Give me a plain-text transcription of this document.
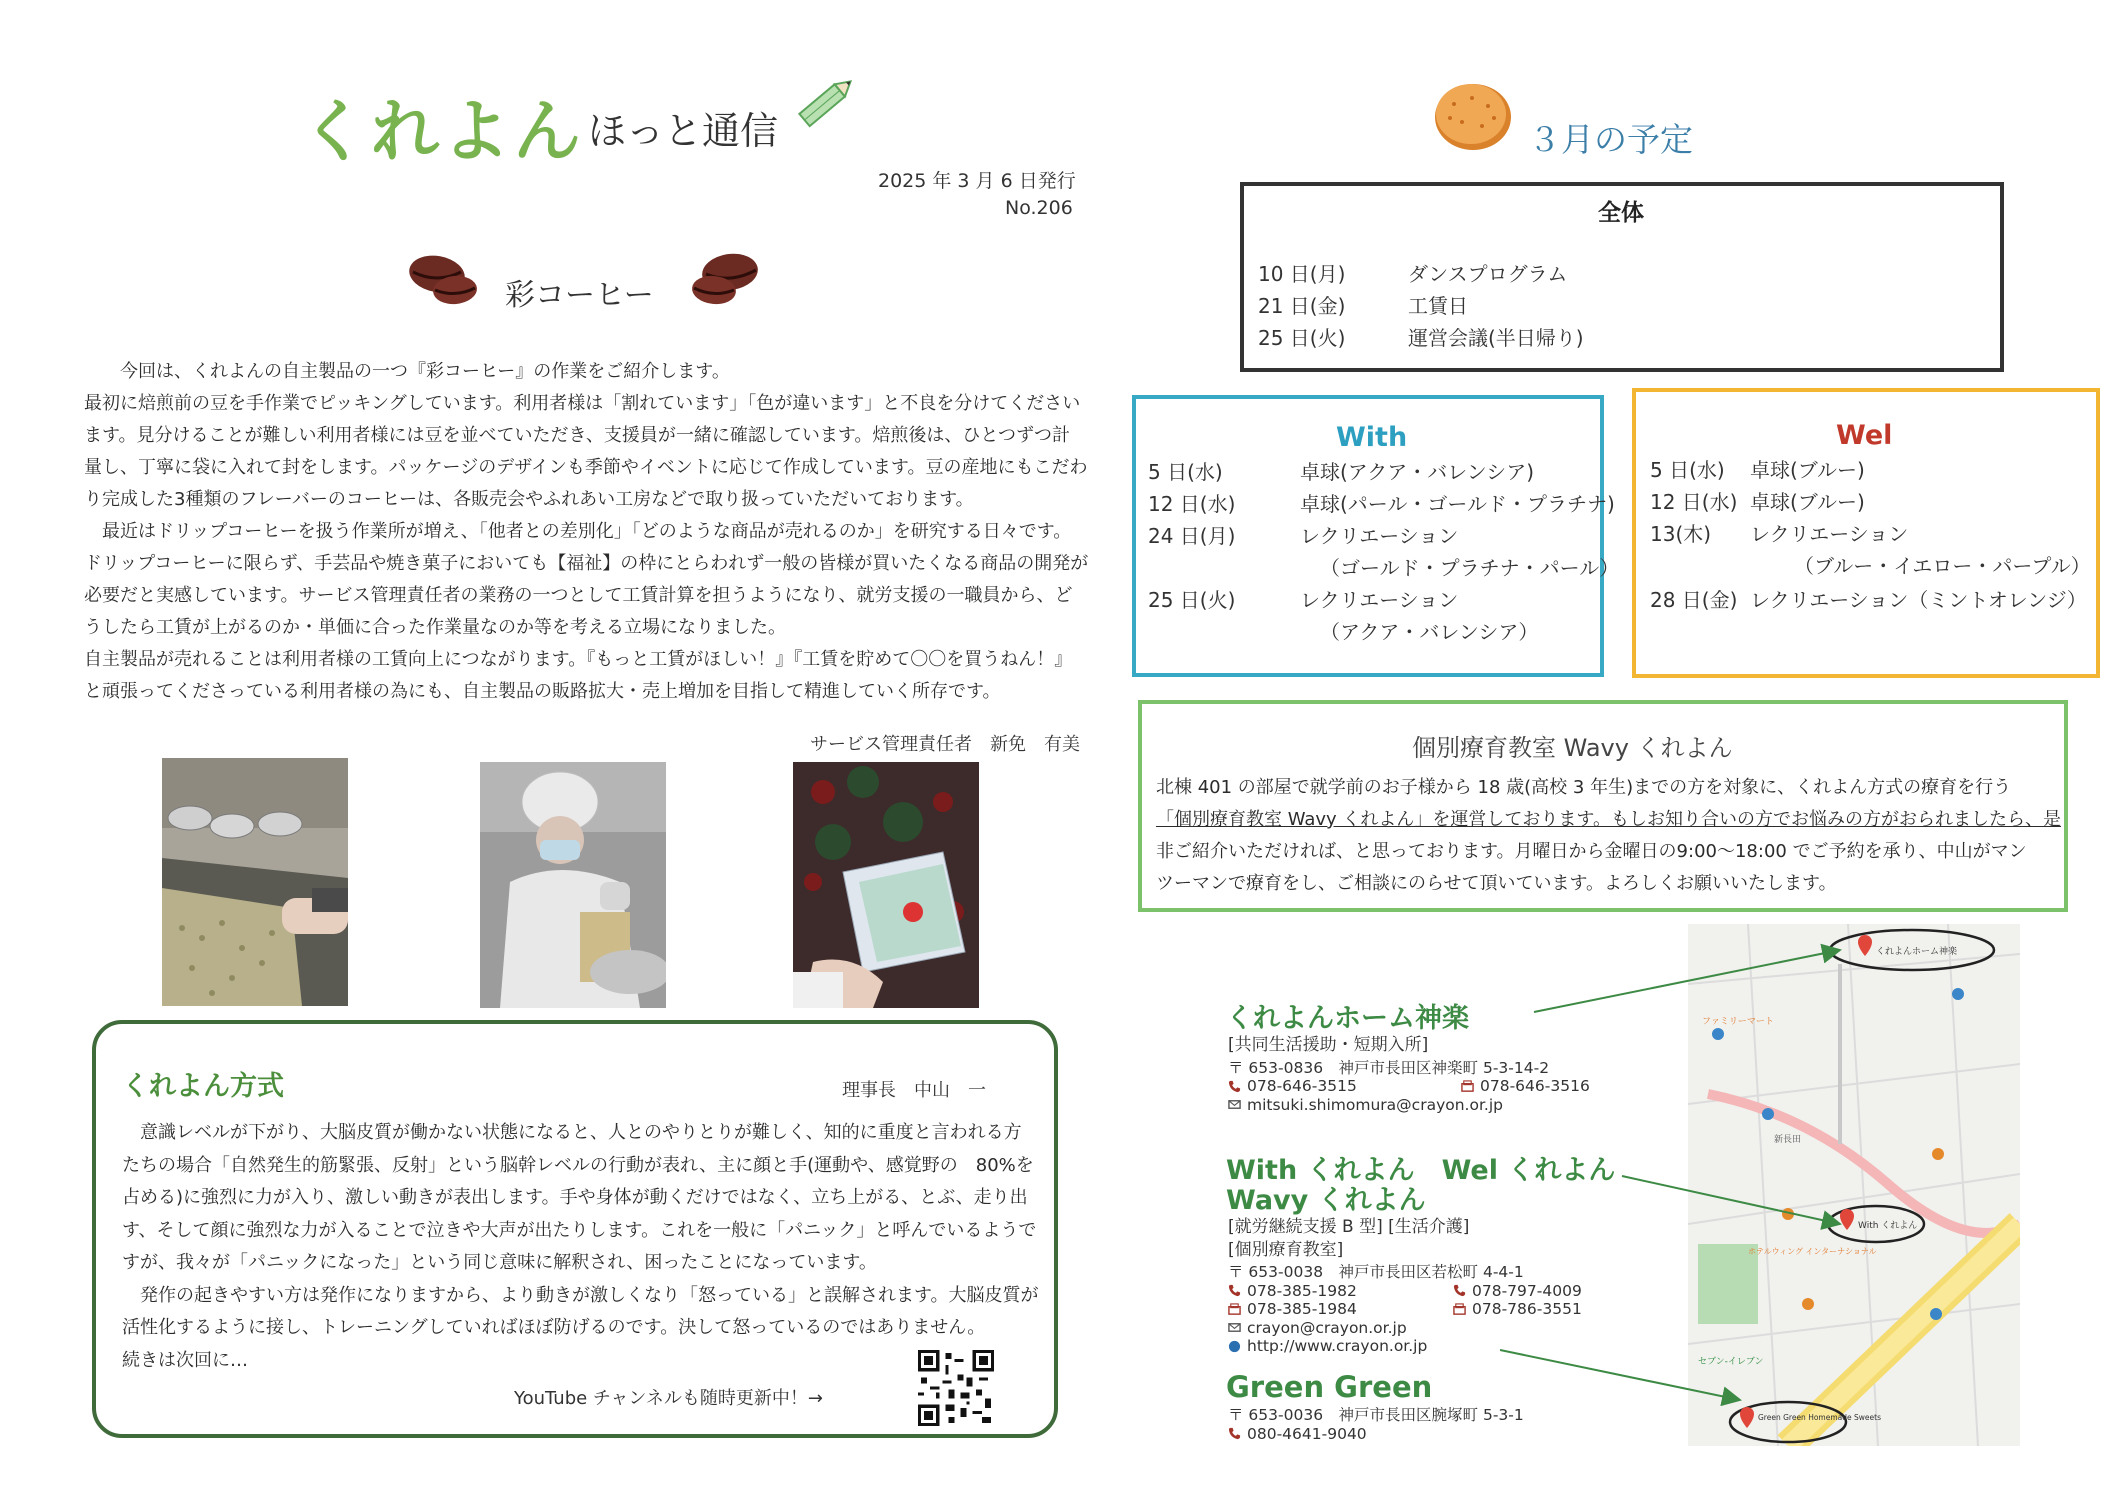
くれよん ほっと通信
2025 年 3 月 6 日発行
No.206
彩コーヒー

　　今回は、くれよんの自主製品の一つ『彩コーヒー』の作業をご紹介します。

最初に焙煎前の豆を手作業でピッキングしています。利用者様は「割れています」「色が違います」と不良を分けてください

ます。見分けることが難しい利用者様には豆を並べていただき、支援員が一緒に確認しています。焙煎後は、ひとつずつ計

量し、丁寧に袋に入れて封をします。パッケージのデザインも季節やイベントに応じて作成しています。豆の産地にもこだわ

り完成した3種類のフレーバーのコーヒーは、各販売会やふれあい工房などで取り扱っていただいております。

　最近はドリップコーヒーを扱う作業所が増え、「他者との差別化」「どのような商品が売れるのか」を研究する日々です。

ドリップコーヒーに限らず、手芸品や焼き菓子においても【福祉】の枠にとらわれず一般の皆様が買いたくなる商品の開発が

必要だと実感しています。サービス管理責任者の業務の一つとして工賃計算を担うようになり、就労支援の一職員から、ど

うしたら工賃が上がるのか・単価に合った作業量なのか等を考える立場になりました。

自主製品が売れることは利用者様の工賃向上につながります。『もっと工賃がほしい！』『工賃を貯めて〇〇を買うねん！』

と頑張ってくださっている利用者様の為にも、自主製品の販路拡大・売上増加を目指して精進していく所存です。

サービス管理責任者　新免　有美
くれよん方式	理事長　中山　一

　意識レベルが下がり、大脳皮質が働かない状態になると、人とのやりとりが難しく、知的に重度と言われる方

たちの場合「自然発生的筋緊張、反射」という脳幹レベルの行動が表れ、主に顔と手(運動や、感覚野の　80%を

占める)に強烈に力が入り、激しい動きが表出します。手や身体が動くだけではなく、立ち上がる、とぶ、走り出

す、そして顔に強烈な力が入ることで泣きや大声が出たりします。これを一般に「パニック」と呼んでいるようで

すが、我々が「パニックになった」という同じ意味に解釈され、困ったことになっています。

　発作の起きやすい方は発作になりますから、より動きが激しくなり「怒っている」と誤解されます。大脳皮質が

活性化するように接し、トレーニングしていればほぼ防げるのです。決して怒っているのではありません。

続きは次回に…

YouTube チャンネルも随時更新中！→
３月の予定
全体
10 日(月)	ダンスプログラム
21 日(金)	工賃日
25 日(火)	運営会議(半日帰り)
With
5 日(水)	卓球(アクア・バレンシア)
12 日(水)	卓球(パール・ゴールド・プラチナ)
24 日(月)	レクリエーション
（ゴールド・プラチナ・パール）
25 日(火)	レクリエーション
（アクア・バレンシア）
Wel
5 日(水) 卓球(ブルー)
12 日(水) 卓球(ブルー)
13(木) レクリエーション
（ブルー・イエロー・パープル）
28 日(金) レクリエーション（ミントオレンジ）
個別療育教室 Wavy くれよん

北棟 401 の部屋で就学前のお子様から 18 歳(高校 3 年生)までの方を対象に、くれよん方式の療育を行う

「個別療育教室 Wavy くれよん」を運営しております。もしお知り合いの方でお悩みの方がおられましたら、是

非ご紹介いただければ、と思っております。月曜日から金曜日の9:00～18:00 でご予約を承り、中山がマン

ツーマンで療育をし、ご相談にのらせて頂いています。よろしくお願いいたします。

くれよんホーム神楽
With くれよん
Green Green Homemade Sweets
新長田
ファミリーマート
ホテルウィング インターナショナル
セブン-イレブン
くれよんホーム神楽
[共同生活援助・短期入所]
〒 653-0836　神戸市長田区神楽町 5-3-14-2
078-646-3515	078-646-3516
mitsuki.shimomura@crayon.or.jp
With くれよん　Wel くれよん
Wavy くれよん
[就労継続支援 B 型] [生活介護]
[個別療育教室]
〒 653-0038　神戸市長田区若松町 4-4-1
078-385-1982	078-797-4009
078-385-1984	078-786-3551
crayon@crayon.or.jp
http://www.crayon.or.jp
Green Green
〒 653-0036　神戸市長田区腕塚町 5-3-1
080-4641-9040
